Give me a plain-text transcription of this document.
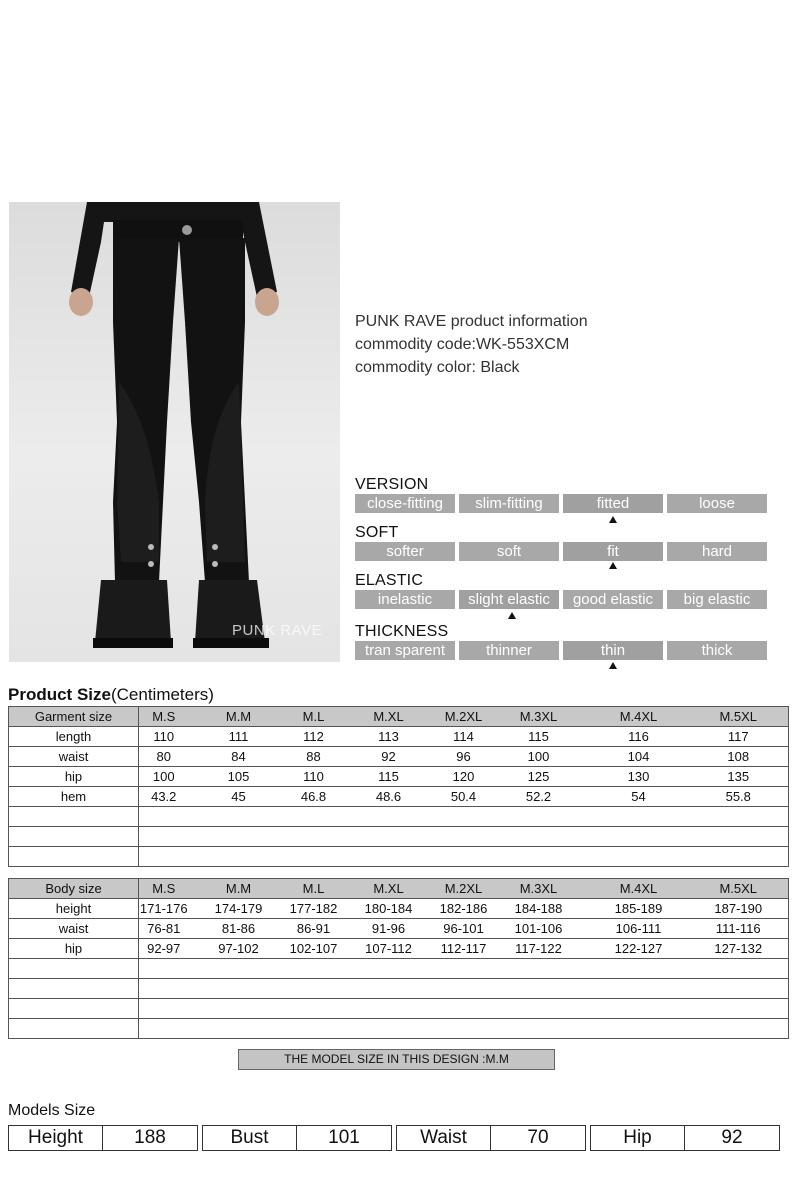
PUNK RAVE
PUNK RAVE product information
commodity code:WK-553XCM
commodity color: Black
VERSION
close-fitting	slim-fitting	fitted	loose
SOFT
softer	soft	fit	hard
ELASTIC
inelastic	slight elastic	good elastic	big elastic
THICKNESS
tran sparent	thinner	thin	thick
Product Size(Centimeters)
Garment size	M.S	M.M	M.L	M.XL	M.2XL	M.3XL	M.4XL	M.5XL
length	110	111	112	113	114	115	116	117
waist	80	84	88	92	96	100	104	108
hip	100	105	110	115	120	125	130	135
hem	43.2	45	46.8	48.6	50.4	52.2	54	55.8

Body size	M.S	M.M	M.L	M.XL	M.2XL	M.3XL	M.4XL	M.5XL
height	171-176	174-179	177-182	180-184	182-186	184-188	185-189	187-190
waist	76-81	81-86	86-91	91-96	96-101	101-106	106-111	111-116
hip	92-97	97-102	102-107	107-112	112-117	117-122	122-127	127-132

THE MODEL SIZE IN THIS DESIGN :M.M
Models Size
Height	188	Bust	101	Waist	70	Hip	92
